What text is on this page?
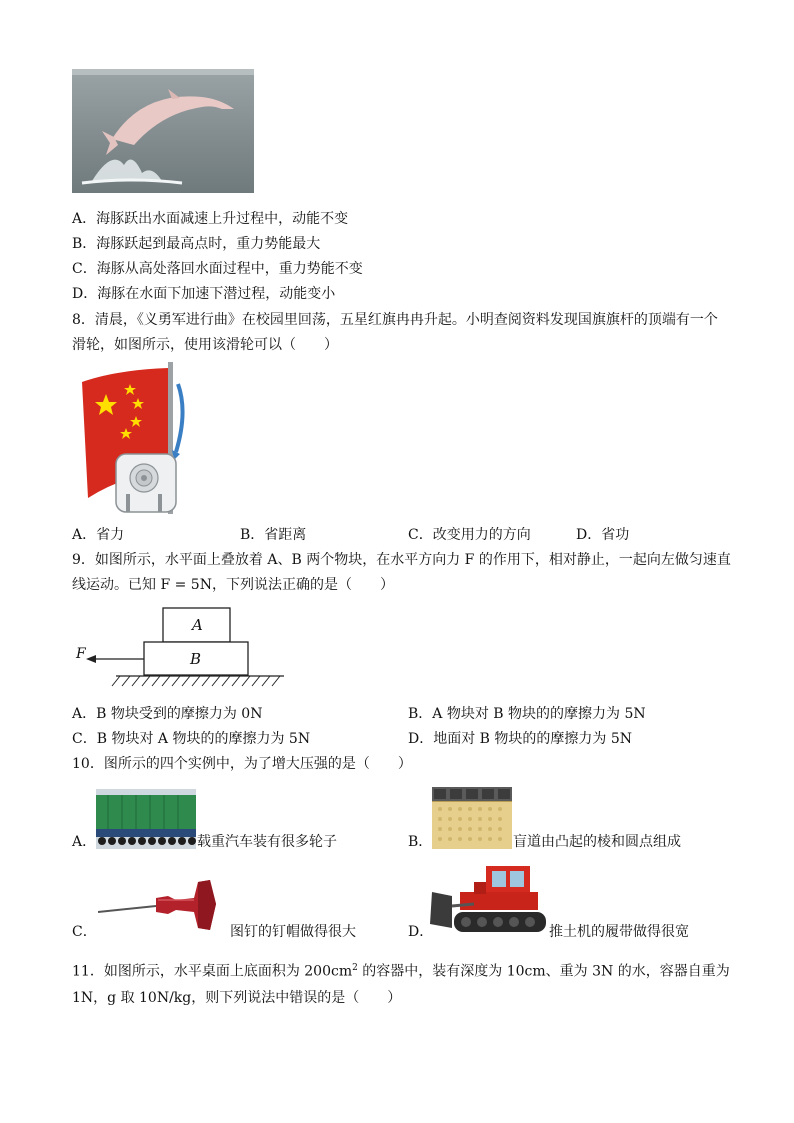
A．海豚跃出水面减速上升过程中，动能不变
B．海豚跃起到最高点时，重力势能最大
C．海豚从高处落回水面过程中，重力势能不变
D．海豚在水面下加速下潜过程，动能变小
8．清晨，《义勇军进行曲》在校园里回荡，五星红旗冉冉升起。小明查阅资料发现国旗旗杆的顶端有一个
滑轮，如图所示，使用该滑轮可以（　　）
A．省力	B．省距离	C．改变用力的方向	D．省功
9．如图所示，水平面上叠放着 A、B 两个物块，在水平方向力 F 的作用下，相对静止，一起向左做匀速直
线运动。已知 F = 5N，下列说法正确的是（　　）
A
B
F
A．B 物块受到的摩擦力为 0N	B．A 物块对 B 物块的的摩擦力为 5N
C．B 物块对 A 物块的的摩擦力为 5N	D．地面对 B 物块的的摩擦力为 5N
10．图所示的四个实例中，为了增大压强的是（　　）
A．	载重汽车装有很多轮子	B．	盲道由凸起的棱和圆点组成
C．	图钉的钉帽做得很大	D．	推土机的履带做得很宽
11．如图所示，水平桌面上底面积为 $200cm^2$ 的容器中，装有深度为 10cm、重为 3N 的水，容器自重为
1N，g 取 10N/kg，则下列说法中错误的是（　　）
